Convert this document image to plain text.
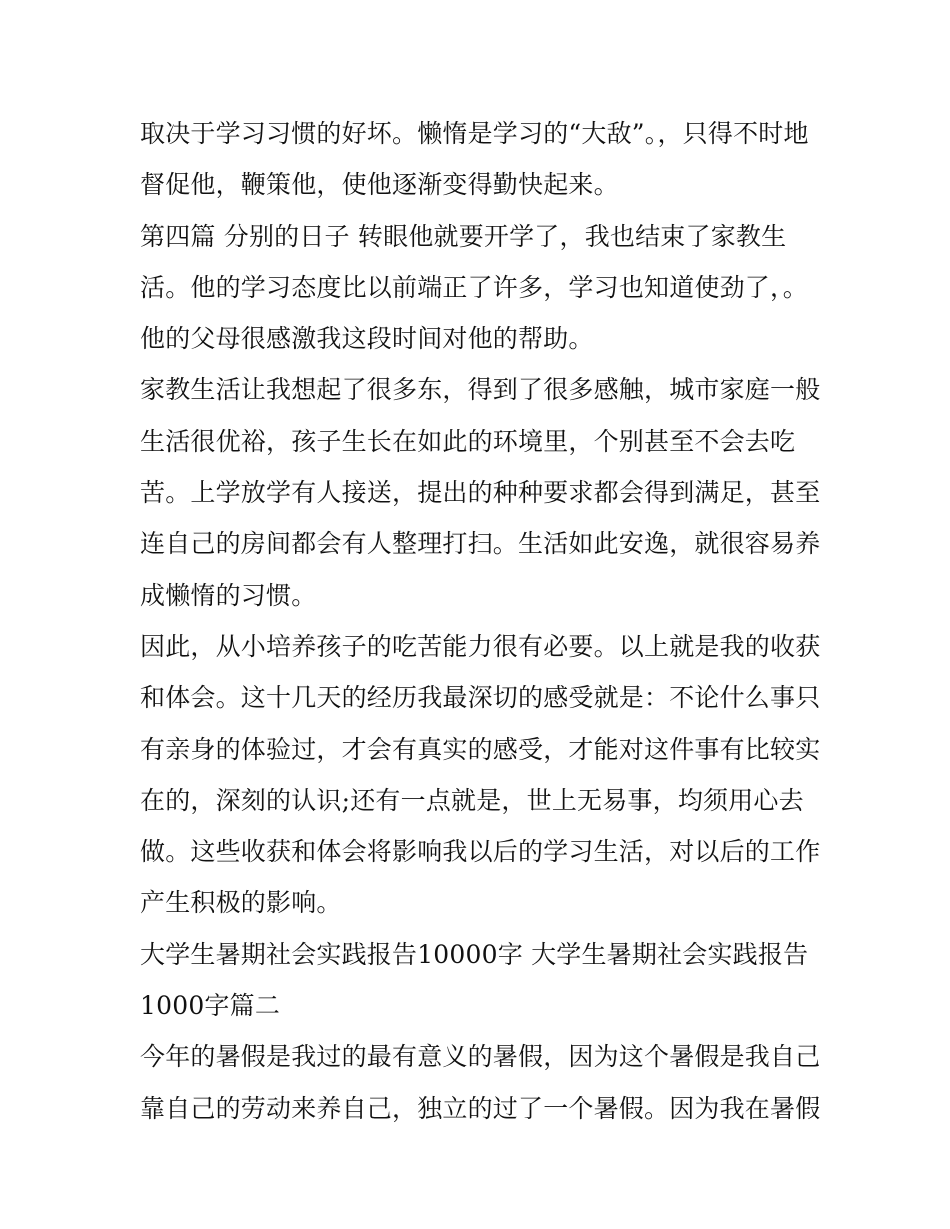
取决于学习习惯的好坏。懒惰是学习的“大敌”。，只得不时地
督促他，鞭策他，使他逐渐变得勤快起来。
第四篇 分别的日子 转眼他就要开学了，我也结束了家教生
活。他的学习态度比以前端正了许多，学习也知道使劲了，。
他的父母很感激我这段时间对他的帮助。
家教生活让我想起了很多东，得到了很多感触，城市家庭一般
生活很优裕，孩子生长在如此的环境里，个别甚至不会去吃
苦。上学放学有人接送，提出的种种要求都会得到满足，甚至
连自己的房间都会有人整理打扫。生活如此安逸，就很容易养
成懒惰的习惯。
因此，从小培养孩子的吃苦能力很有必要。以上就是我的收获
和体会。这十几天的经历我最深切的感受就是：不论什么事只
有亲身的体验过，才会有真实的感受，才能对这件事有比较实
在的，深刻的认识;还有一点就是，世上无易事，均须用心去
做。这些收获和体会将影响我以后的学习生活，对以后的工作
产生积极的影响。
大学生暑期社会实践报告10000字 大学生暑期社会实践报告
1000字篇二
今年的暑假是我过的最有意义的暑假，因为这个暑假是我自己
靠自己的劳动来养自己，独立的过了一个暑假。因为我在暑假
